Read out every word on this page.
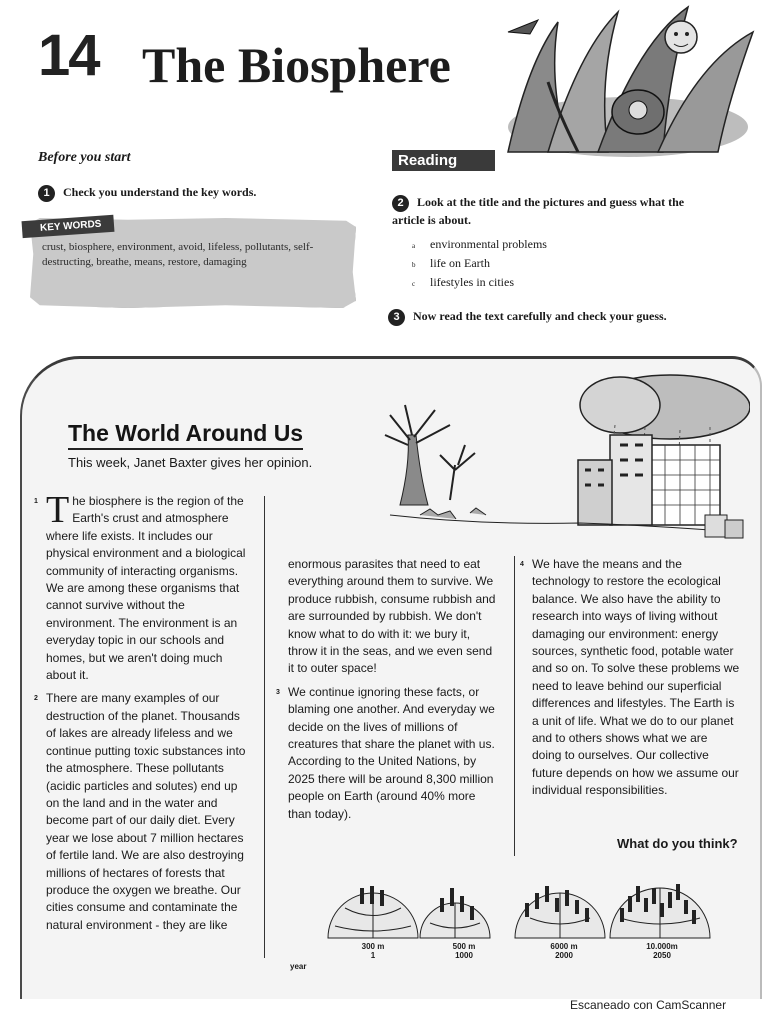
14 The Biosphere
Before you start
1 Check you understand the key words.
KEY WORDS
crust, biosphere, environment, avoid, lifeless, pollutants, self-destructing, breathe, means, restore, damaging
Reading
2 Look at the title and the pictures and guess what the article is about.
a environmental problems
b life on Earth
c lifestyles in cities
3 Now read the text carefully and check your guess.
The World Around Us
This week, Janet Baxter gives her opinion.
1 The biosphere is the region of the Earth's crust and atmosphere where life exists. It includes our physical environment and a biological community of interacting organisms. We are among these organisms that cannot survive without the environment. The environment is an everyday topic in our schools and homes, but we aren't doing much about it.

2 There are many examples of our destruction of the planet. Thousands of lakes are already lifeless and we continue putting toxic substances into the atmosphere. These pollutants (acidic particles and solutes) end up on the land and in the water and become part of our daily diet. Every year we lose about 7 million hectares of fertile land. We are also destroying millions of hectares of forests that produce the oxygen we breathe. Our cities consume and contaminate the natural environment - they are like

enormous parasites that need to eat everything around them to survive. We produce rubbish, consume rubbish and are surrounded by rubbish. We don't know what to do with it: we bury it, throw it in the seas, and we even send it to outer space!

3 We continue ignoring these facts, or blaming one another. And everyday we decide on the lives of millions of creatures that share the planet with us. According to the United Nations, by 2025 there will be around 8,300 million people on Earth (around 40% more than today).

4 We have the means and the technology to restore the ecological balance. We also have the ability to research into ways of living without damaging our environment: energy sources, synthetic food, potable water and so on. To solve these problems we need to leave behind our superficial differences and lifestyles. The Earth is a unit of life. What we do to our planet and to others shows what we are doing to ourselves. Our collective future depends on how we assume our individual responsibilities.

What do you think?
300 m
1
500 m
1000
6000 m
2000
10.000m
2050
year
Escaneado con CamScanner
